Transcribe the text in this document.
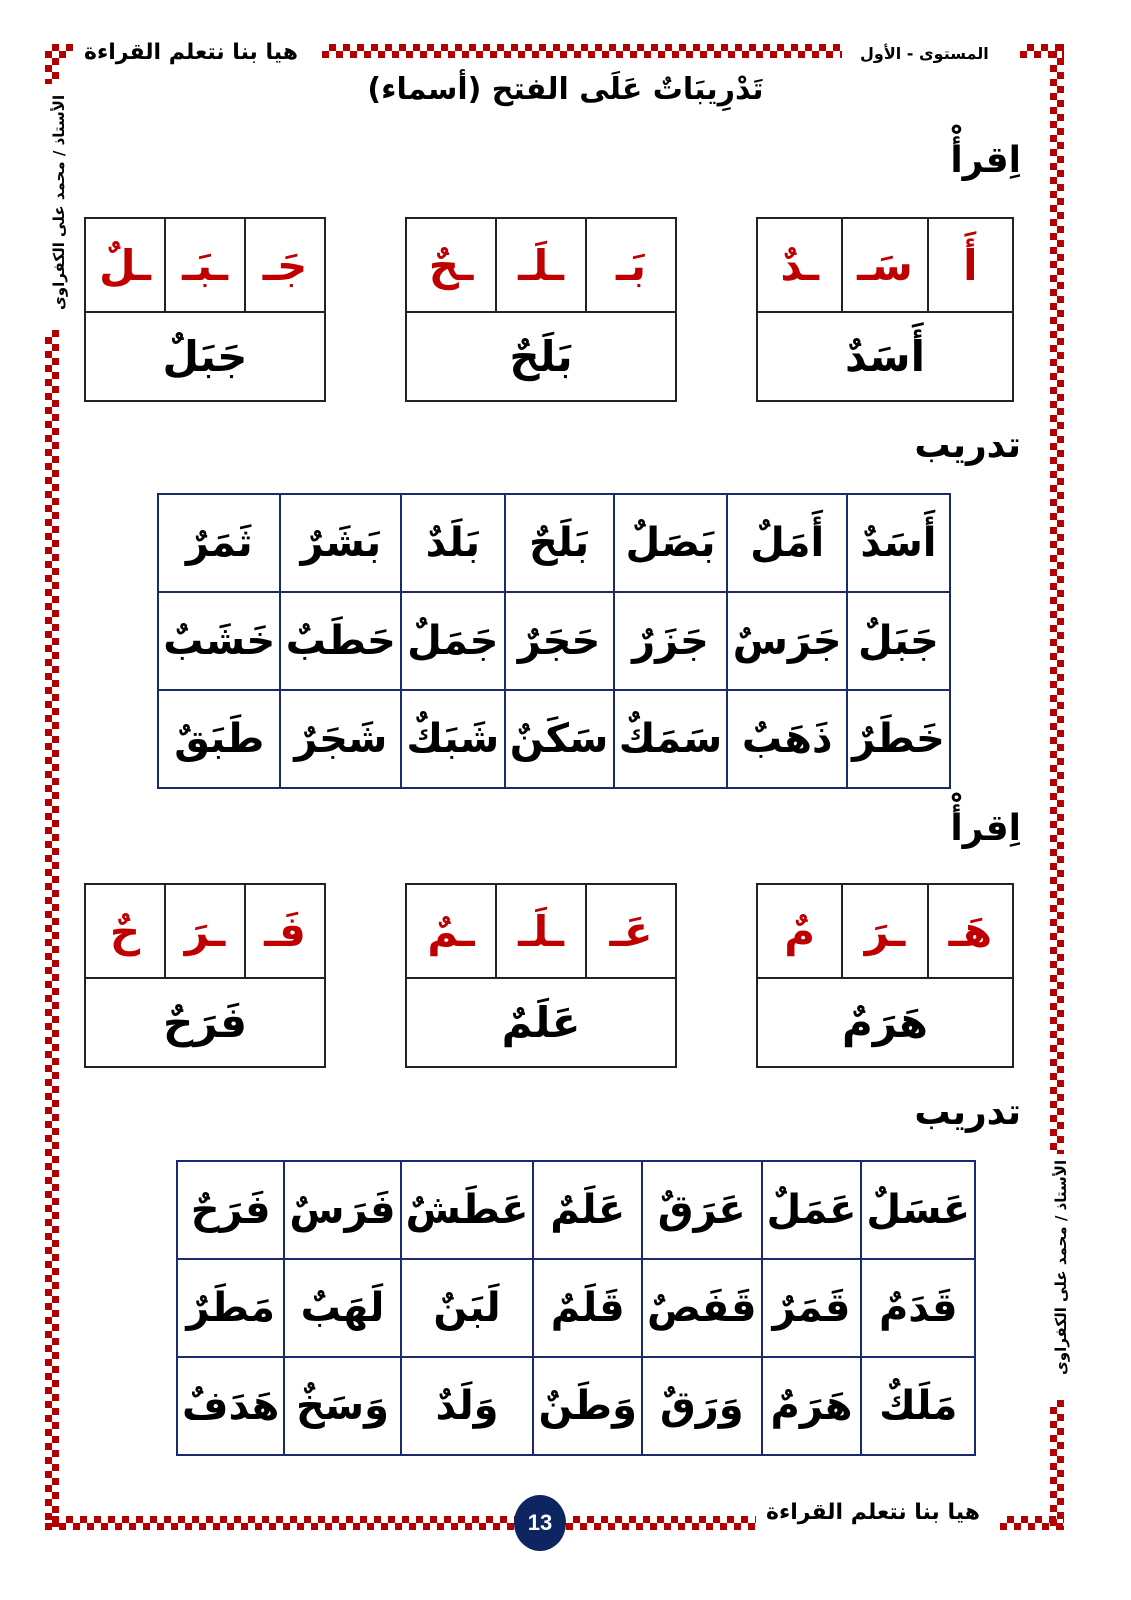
هيا بنا نتعلم القراءة	المستوى - الأول
الأستاذ / محمد على الكفراوى
الأستاذ / محمد على الكفراوى
تَدْرِيبَاتٌ عَلَى الفتح (أسماء)
اِقرأْ
أَ
سَـ
ـدٌ
أَسَدٌ
بَـ
ـلَـ
ـحٌ
بَلَحٌ
جَـ
ـبَـ
ـلٌ
جَبَلٌ
تدريب
أَسَدٌ	أَمَلٌ	بَصَلٌ	بَلَحٌ	بَلَدٌ	بَشَرٌ	ثَمَرٌ
جَبَلٌ	جَرَسٌ	جَزَرٌ	حَجَرٌ	جَمَلٌ	حَطَبٌ	خَشَبٌ
خَطَرٌ	ذَهَبٌ	سَمَكٌ	سَكَنٌ	شَبَكٌ	شَجَرٌ	طَبَقٌ
اِقرأْ
هَـ
ـرَ
مٌ
هَرَمٌ
عَـ
ـلَـ
ـمٌ
عَلَمٌ
فَـ
ـرَ
حٌ
فَرَحٌ
تدريب
عَسَلٌ	عَمَلٌ	عَرَقٌ	عَلَمٌ	عَطَشٌ	فَرَسٌ	فَرَحٌ
قَدَمٌ	قَمَرٌ	قَفَصٌ	قَلَمٌ	لَبَنٌ	لَهَبٌ	مَطَرٌ
مَلَكٌ	هَرَمٌ	وَرَقٌ	وَطَنٌ	وَلَدٌ	وَسَخٌ	هَدَفٌ
13	هيا بنا نتعلم القراءة
